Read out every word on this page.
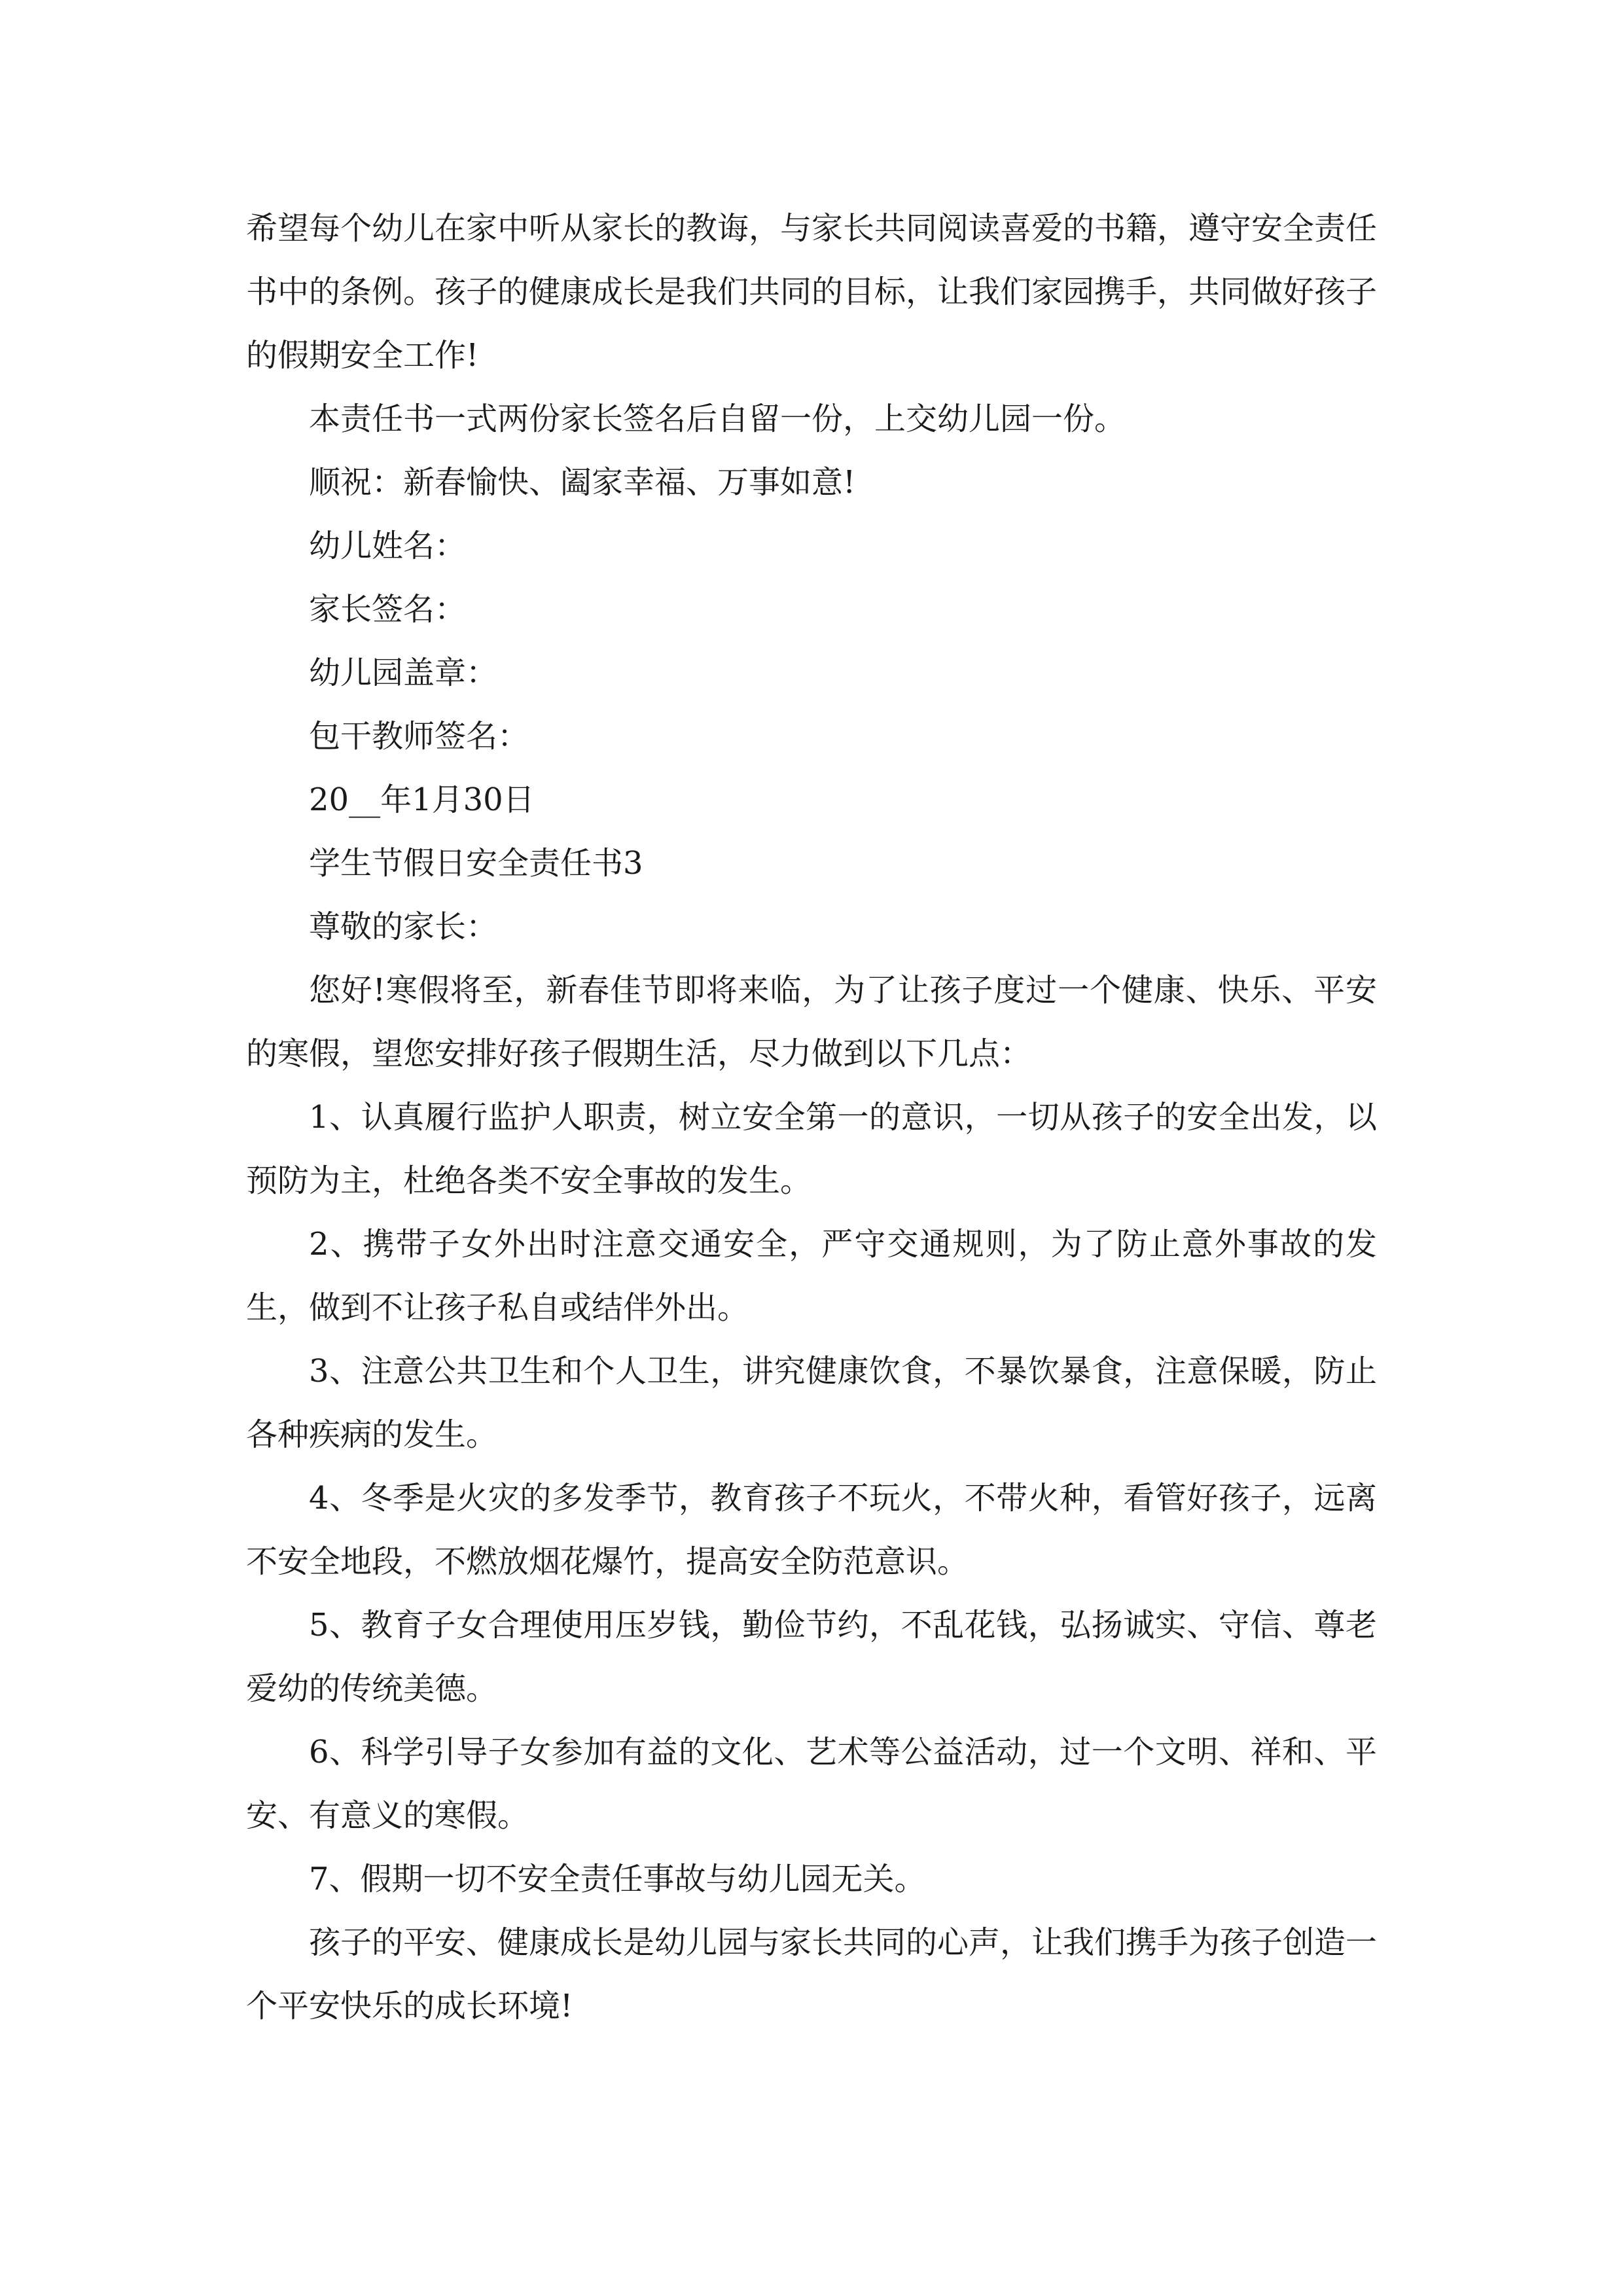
希望每个幼儿在家中听从家长的教诲，与家长共同阅读喜爱的书籍，遵守安全责任书中的条例。孩子的健康成长是我们共同的目标，让我们家园携手，共同做好孩子的假期安全工作!

本责任书一式两份家长签名后自留一份，上交幼儿园一份。

顺祝：新春愉快、阖家幸福、万事如意!

幼儿姓名：

家长签名：

幼儿园盖章：

包干教师签名：

20__年1月30日

学生节假日安全责任书3

尊敬的家长：

您好!寒假将至，新春佳节即将来临，为了让孩子度过一个健康、快乐、平安的寒假，望您安排好孩子假期生活，尽力做到以下几点：

1、认真履行监护人职责，树立安全第一的意识，一切从孩子的安全出发，以预防为主，杜绝各类不安全事故的发生。

2、携带子女外出时注意交通安全，严守交通规则，为了防止意外事故的发生，做到不让孩子私自或结伴外出。

3、注意公共卫生和个人卫生，讲究健康饮食，不暴饮暴食，注意保暖，防止各种疾病的发生。

4、冬季是火灾的多发季节，教育孩子不玩火，不带火种，看管好孩子，远离不安全地段，不燃放烟花爆竹，提高安全防范意识。

5、教育子女合理使用压岁钱，勤俭节约，不乱花钱，弘扬诚实、守信、尊老爱幼的传统美德。

6、科学引导子女参加有益的文化、艺术等公益活动，过一个文明、祥和、平安、有意义的寒假。

7、假期一切不安全责任事故与幼儿园无关。

孩子的平安、健康成长是幼儿园与家长共同的心声，让我们携手为孩子创造一个平安快乐的成长环境!
